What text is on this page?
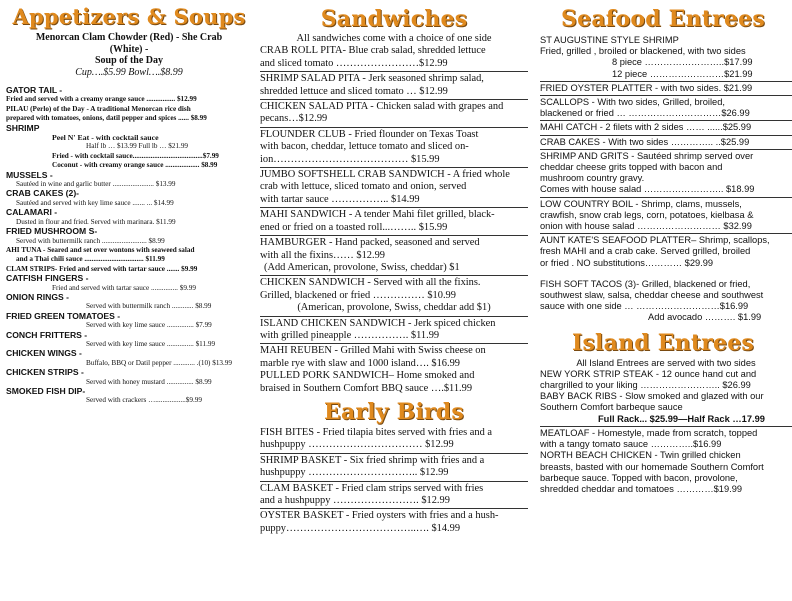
Appetizers & Soups
Menorcan Clam Chowder (Red) - She Crab
(White) -
Soup of the Day
Cup….$5.99 Bowl….$8.99
GATOR TAIL -
Fried and served with a creamy orange sauce ................ $12.99
PILAU (Perlo) of the Day - A traditional Menorcan rice dish
prepared with tomatoes, onions, datil pepper and spices ...... $8.99
SHRIMP
Peel N' Eat - with cocktail sauce
Half lb … $13.99 Full lb … $21.99
Fried - with cocktail sauce.......................................$7.99
Coconut - with creamy orange sauce ................... $8.99
MUSSELS -
Sautéed in wine and garlic butter ....................... $13.99
CRAB CAKES (2)-
Sautéed and served with key lime sauce ....... ... $14.99
CALAMARI -
Dusted in flour and fried. Served with marinara. $11.99
FRIED MUSHROOM S-
Served with buttermilk ranch ......................... $8.99
AHI TUNA - Seared and set over wontons with seaweed salad
and a Thai chili sauce ................................. $11.99
CLAM STRIPS- Fried and served with tartar sauce ....... $9.99
CATFISH FINGERS -
Fried and served with tartar sauce ............... $9.99
ONION RINGS -
Served with buttermilk ranch ............ $8.99
FRIED GREEN TOMATOES -
Served with key lime sauce ............... $7.99
CONCH FRITTERS -
Served with key lime sauce ............... $11.99
CHICKEN WINGS -
Buffalo, BBQ or Datil pepper ............ .(10) $13.99
CHICKEN STRIPS -
Served with honey mustard ............... $8.99
SMOKED FISH DIP-
Served with crackers ….................$9.99
Sandwiches
All sandwiches come with a choice of one side
CRAB ROLL PITA- Blue crab salad, shredded lettuce
and sliced tomato ……………………$12.99
SHRIMP SALAD PITA - Jerk seasoned shrimp salad,
shredded lettuce and sliced tomato … $12.99
CHICKEN SALAD PITA - Chicken salad with grapes and
pecans…$12.99
FLOUNDER CLUB - Fried flounder on Texas Toast
with bacon, cheddar, lettuce tomato and sliced on-
ion………………………………… $15.99
JUMBO SOFTSHELL CRAB SANDWICH - A fried whole
crab with lettuce, sliced tomato and onion, served
with tartar sauce …………….. $14.99
MAHI SANDWICH - A tender Mahi filet grilled, black-
ened or fried on a toasted roll...…….. $15.99
HAMBURGER - Hand packed, seasoned and served
with all the fixins…… $12.99
(Add American, provolone, Swiss, cheddar) $1
CHICKEN SANDWICH - Served with all the fixins.
Grilled, blackened or fried …………… $10.99
(American, provolone, Swiss, cheddar add $1)
ISLAND CHICKEN SANDWICH - Jerk spiced chicken
with grilled pineapple ……………. $11.99
MAHI REUBEN - Grilled Mahi with Swiss cheese on
marble rye with slaw and 1000 island…. $16.99
PULLED PORK SANDWICH– Home smoked and
braised in Southern Comfort BBQ sauce ….$11.99
Early Birds
FISH BITES - Fried tilapia bites served with fries and a
hushpuppy …………………………… $12.99
SHRIMP BASKET - Six fried shrimp with fries and a
hushpuppy ………………………….. $12.99
CLAM BASKET - Fried clam strips served with fries
and a hushpuppy ……………………. $12.99
OYSTER BASKET - Fried oysters with fries and a hush-
puppy………………………………..…. $14.99
Seafood Entrees
ST AUGUSTINE STYLE SHRIMP
Fried, grilled , broiled or blackened, with two sides
8 piece ……………………..$17.99
12 piece ……………………$21.99
FRIED OYSTER PLATTER - with two sides. $21.99
SCALLOPS - With two sides, Grilled, broiled,
blackened or fried … …………………………$26.99
MAHI CATCH - 2 filets with 2 sides …… ......$25.99
CRAB CAKES - With two sides ………….. ..$25.99
SHRIMP AND GRITS - Sautéed shrimp served over
cheddar cheese grits topped with bacon and
mushroom country gravy.
Comes with house salad …………………….. $18.99
LOW COUNTRY BOIL - Shrimp, clams, mussels,
crawfish, snow crab legs, corn, potatoes, kielbasa &
onion with house salad ……………………… $32.99
AUNT KATE'S SEAFOOD PLATTER– Shrimp, scallops,
fresh MAHI and a crab cake. Served grilled, broiled
or fried . NO substitutions………… $29.99
FISH SOFT TACOS (3)- Grilled, blackened or fried,
southwest slaw, salsa, cheddar cheese and southwest
sauce with one side … ………………………$16.99
Add avocado ………. $1.99
Island Entrees
All Island Entrees are served with two sides
NEW YORK STRIP STEAK - 12 ounce hand cut and
chargrilled to your liking …………………….. $26.99
BABY BACK RIBS - Slow smoked and glazed with our
Southern Comfort barbeque sauce
Full Rack... $25.99—Half Rack …17.99
MEATLOAF - Homestyle, made from scratch, topped
with a tangy tomato sauce …………..$16.99
NORTH BEACH CHICKEN - Twin grilled chicken
breasts, basted with our homemade Southern Comfort
barbeque sauce. Topped with bacon, provolone,
shredded cheddar and tomatoes …………$19.99
